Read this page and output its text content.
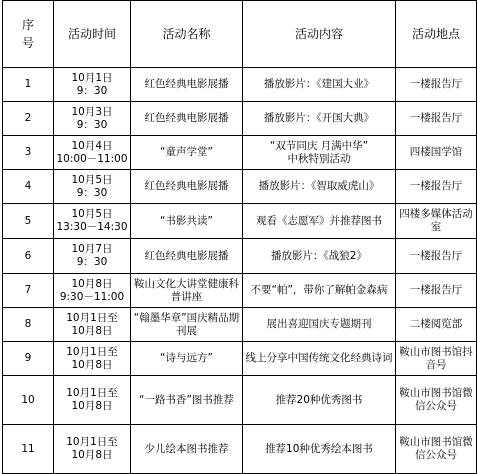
序号	活动时间	活动名称	活动内容	活动地点
1	10月1日
9：30	红色经典电影展播	播放影片：《建国大业》	一楼报告厅
2	10月3日
9：30	红色经典电影展播	播放影片：《开国大典》	一楼报告厅
3	10月4日
10:00－11:00	“童声学堂”	“双节同庆 月满中华”
中秋特别活动	四楼国学馆
4	10月5日
9：30	红色经典电影展播	播放影片：《智取威虎山》	一楼报告厅
5	10月5日
13:30－14:30	“书影共读”	观看《志愿军》并推荐图书	四楼多媒体活动室
6	10月7日
9：30	红色经典电影展播	播放影片：《战狼2》	一楼报告厅
7	10月8日
9:30－11:00	鞍山文化大讲堂健康科普讲座	不要“帕”，带你了解帕金森病	一楼报告厅
8	10月1日至
10月8日	“翰墨华章”国庆精品期刊展	展出喜迎国庆专题期刊	二楼阅览部
9	10月1日至
10月8日	“诗与远方”	线上分享中国传统文化经典诗词	鞍山市图书馆抖音号
10	10月1日至
10月8日	“一路书香”图书推荐	推荐20种优秀图书	鞍山市图书馆微信公众号
11	10月1日至
10月8日	少儿绘本图书推荐	推荐10种优秀绘本图书	鞍山市图书馆微信公众号
